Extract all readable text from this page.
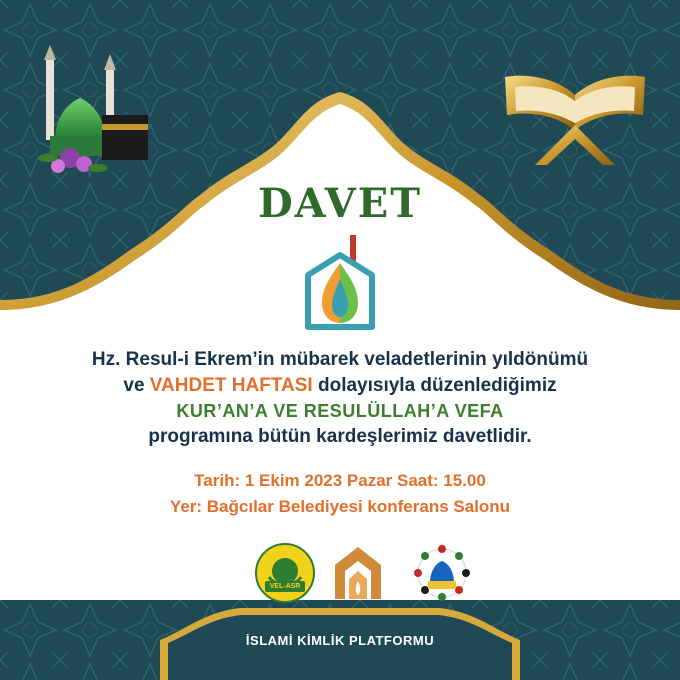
DAVET
Hz. Resul-i Ekrem’in mübarek veladetlerinin yıldönümü
ve VAHDET HAFTASI dolayısıyla düzenlediğimiz
KUR’AN’A VE RESULÜLLAH’A VEFA
programına bütün kardeşlerimiz davetlidir.
Tarih: 1 Ekim 2023 Pazar Saat: 15.00
Yer: Bağcılar Belediyesi konferans Salonu
VEL-ASR
İSLAMİ KİMLİK PLATFORMU
